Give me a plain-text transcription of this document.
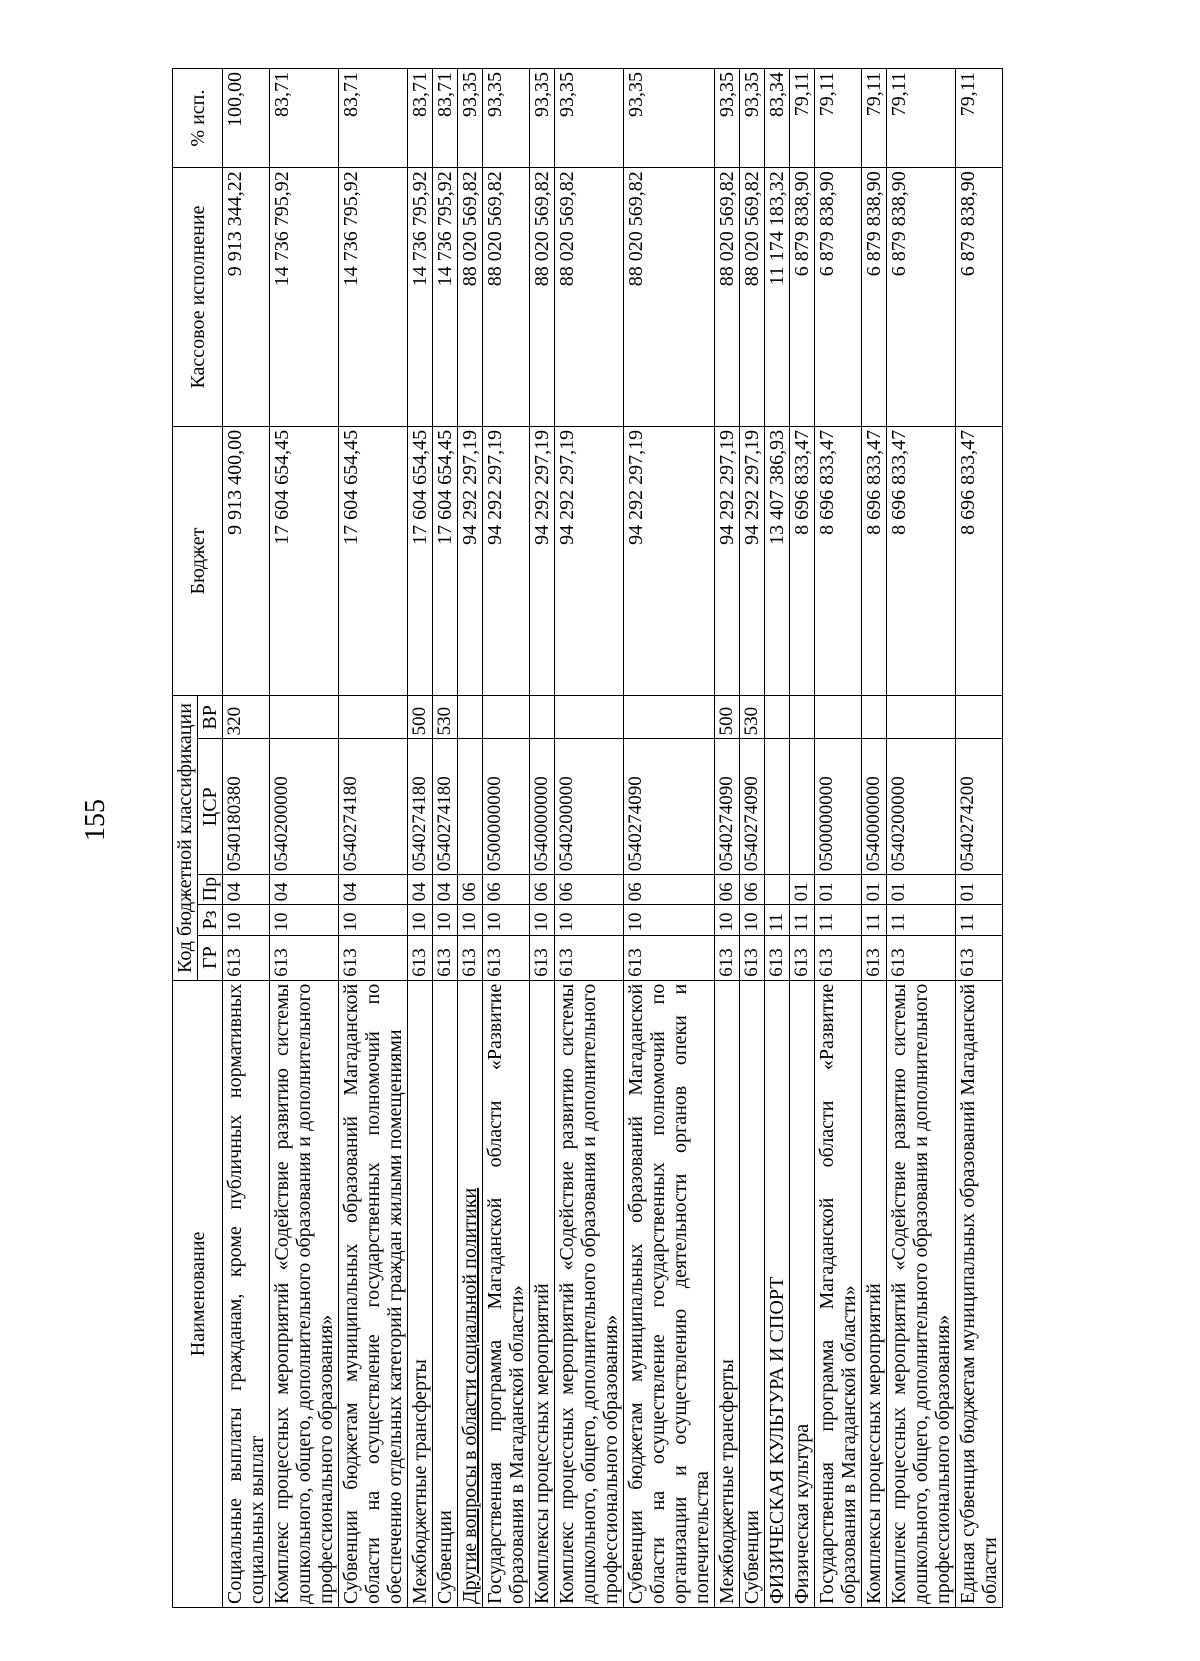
155
Наименование	Код бюджетной классификации					Бюджет	Кассовое исполнение	% исп.
	ГР	Рз	Пр	ЦСР	ВР			
Социальные выплаты гражданам, кроме публичных нормативных социальных выплат	613	10	04	0540180380	320	9 913 400,00	9 913 344,22	100,00
Комплекс процессных мероприятий «Содействие развитию системы дошкольного, общего, дополнительного образования и дополнительного профессионального образования»	613	10	04	0540200000		17 604 654,45	14 736 795,92	83,71
Субвенции бюджетам муниципальных образований Магаданской области на осуществление государственных полномочий по обеспечению отдельных категорий граждан жилыми помещениями	613	10	04	0540274180		17 604 654,45	14 736 795,92	83,71
Межбюджетные трансферты	613	10	04	0540274180	500	17 604 654,45	14 736 795,92	83,71
Субвенции	613	10	04	0540274180	530	17 604 654,45	14 736 795,92	83,71
Другие вопросы в области социальной политики	613	10	06			94 292 297,19	88 020 569,82	93,35
Государственная программа Магаданской области «Развитие образования в Магаданской области»	613	10	06	0500000000		94 292 297,19	88 020 569,82	93,35
Комплексы процессных мероприятий	613	10	06	0540000000		94 292 297,19	88 020 569,82	93,35
Комплекс процессных мероприятий «Содействие развитию системы дошкольного, общего, дополнительного образования и дополнительного профессионального образования»	613	10	06	0540200000		94 292 297,19	88 020 569,82	93,35
Субвенции бюджетам муниципальных образований Магаданской области на осуществление государственных полномочий по организации и осуществлению деятельности органов опеки и попечительства	613	10	06	0540274090		94 292 297,19	88 020 569,82	93,35
Межбюджетные трансферты	613	10	06	0540274090	500	94 292 297,19	88 020 569,82	93,35
Субвенции	613	10	06	0540274090	530	94 292 297,19	88 020 569,82	93,35
ФИЗИЧЕСКАЯ КУЛЬТУРА И СПОРТ	613	11				13 407 386,93	11 174 183,32	83,34
Физическая культура	613	11	01			8 696 833,47	6 879 838,90	79,11
Государственная программа Магаданской области «Развитие образования в Магаданской области»	613	11	01	0500000000		8 696 833,47	6 879 838,90	79,11
Комплексы процессных мероприятий	613	11	01	0540000000		8 696 833,47	6 879 838,90	79,11
Комплекс процессных мероприятий «Содействие развитию системы дошкольного, общего, дополнительного образования и дополнительного профессионального образования»	613	11	01	0540200000		8 696 833,47	6 879 838,90	79,11
Единая субвенция бюджетам муниципальных образований Магаданской области	613	11	01	0540274200		8 696 833,47	6 879 838,90	79,11
